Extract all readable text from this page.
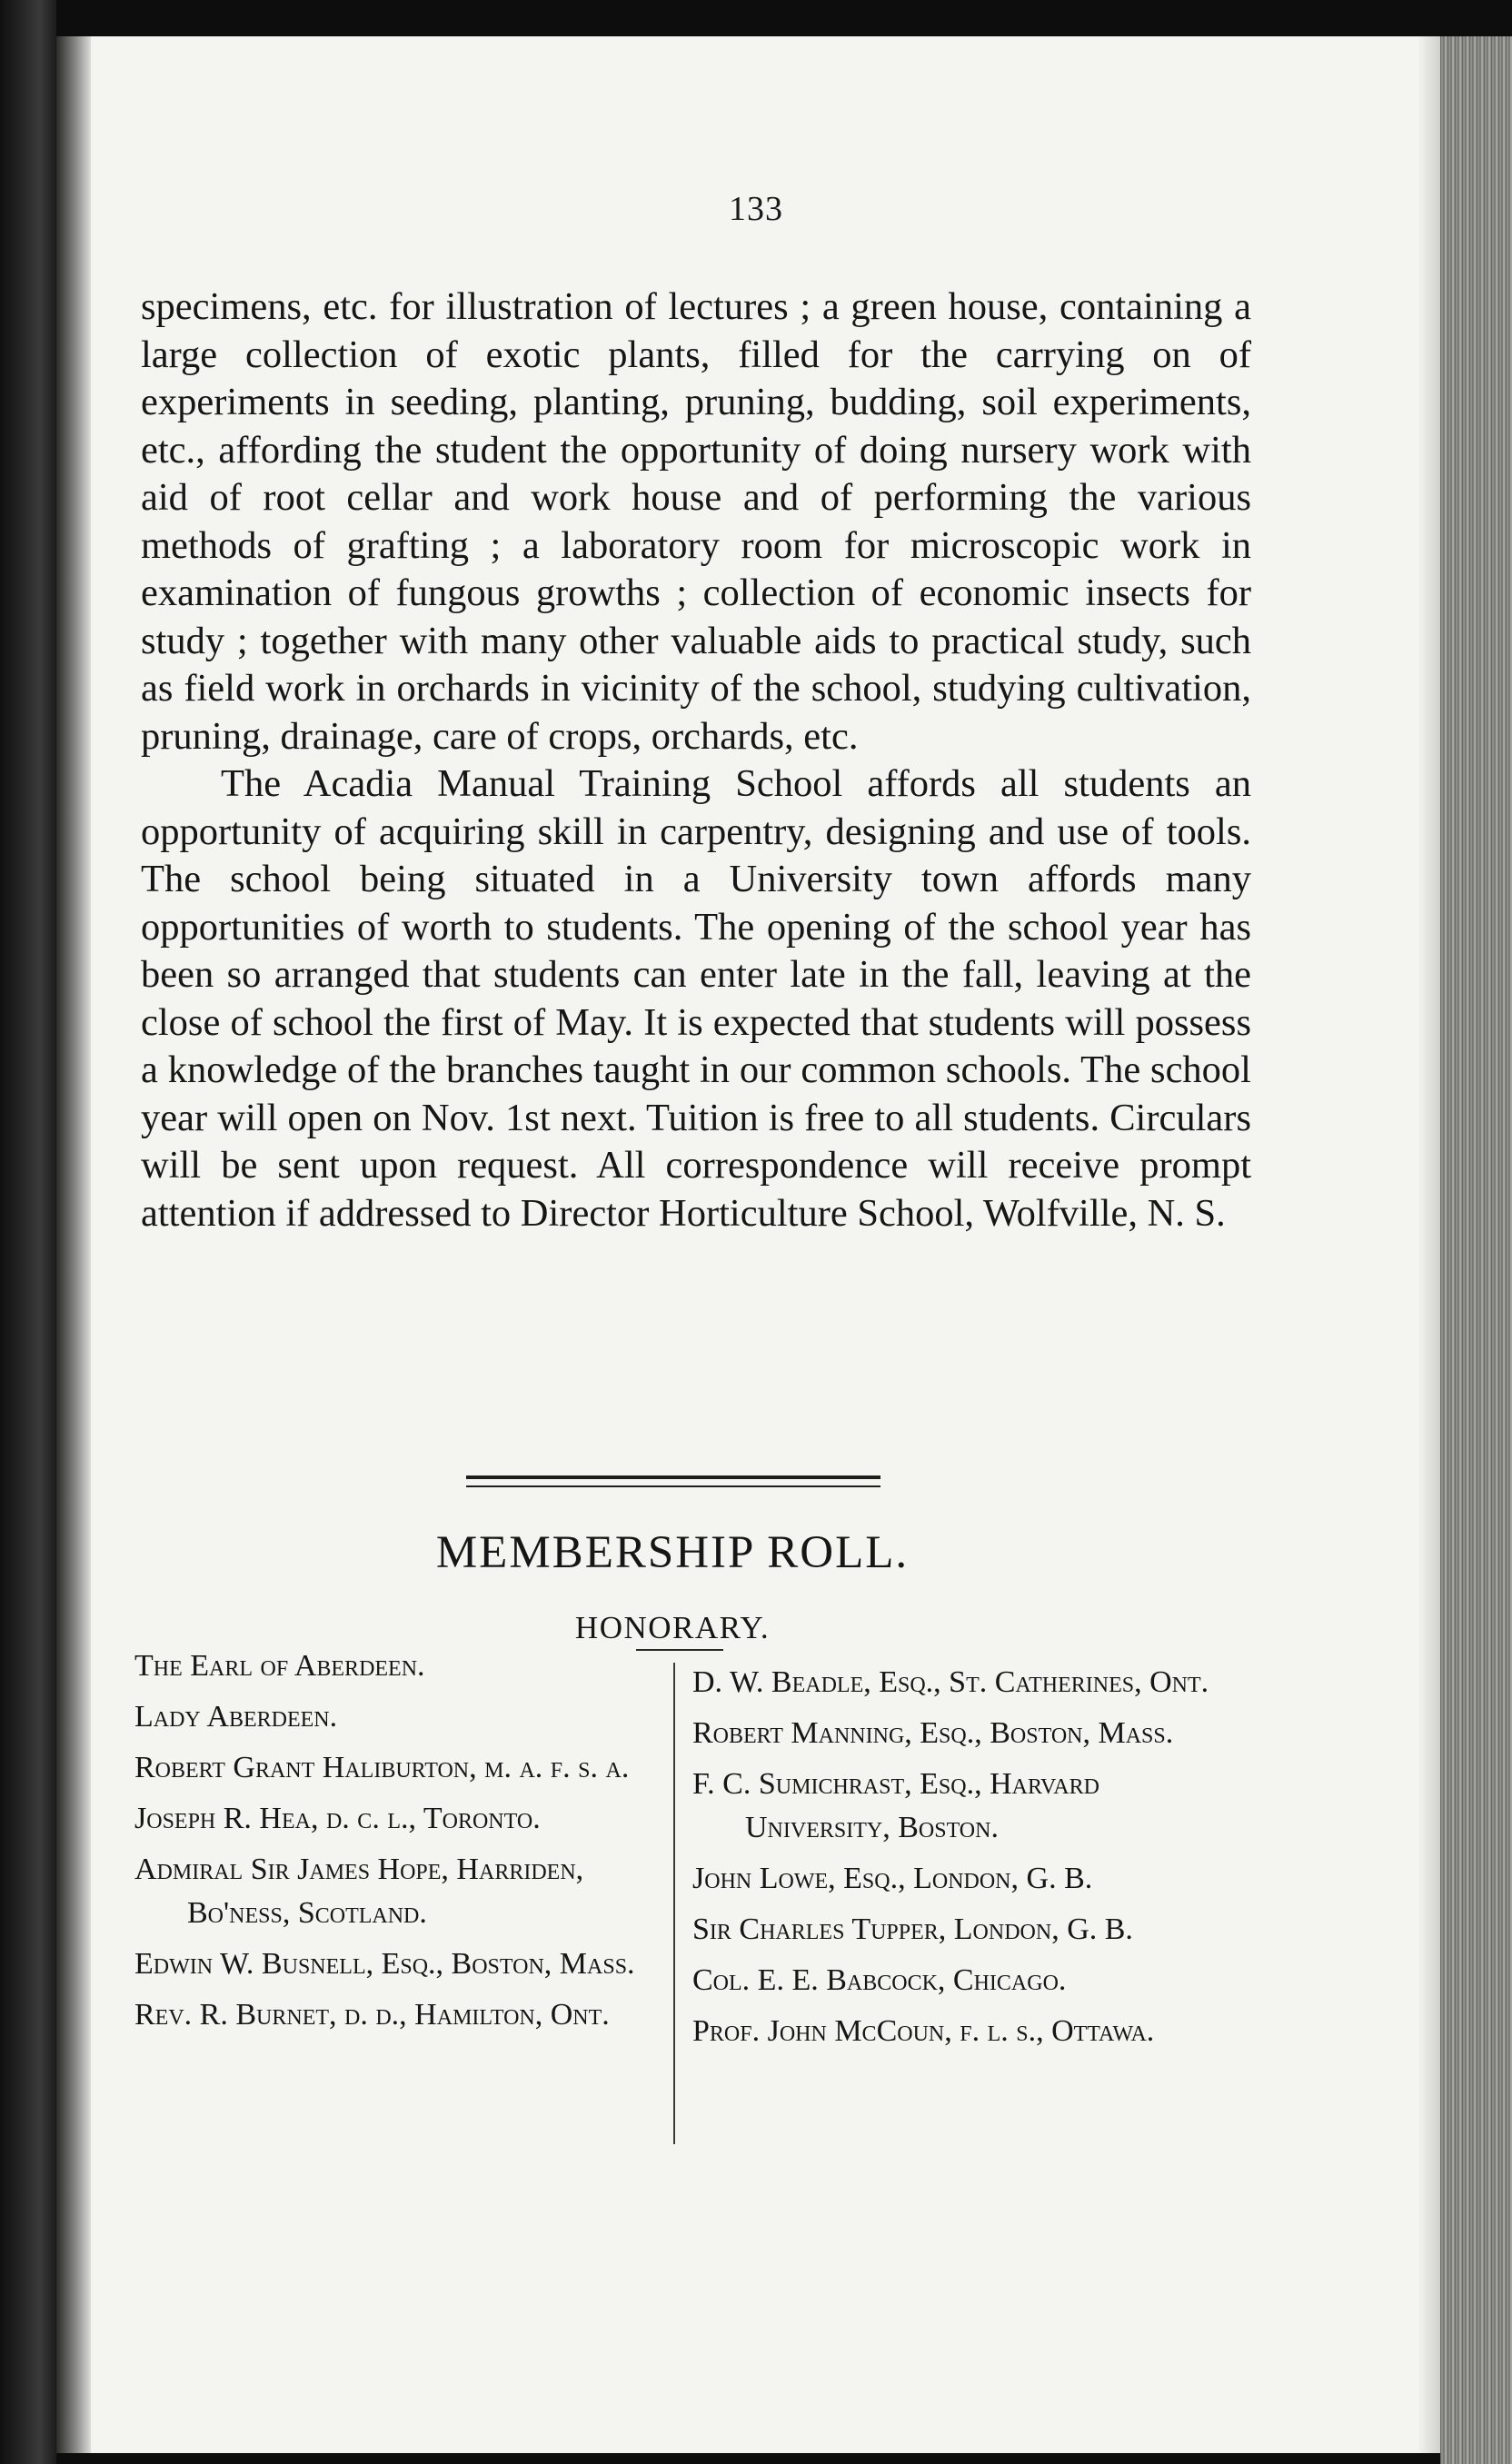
133

specimens, etc. for illustration of lectures ; a green house, containing a large collection of exotic plants, filled for the carrying on of experiments in seeding, planting, pruning, budding, soil experiments, etc., affording the student the opportunity of doing nursery work with aid of root cellar and work house and of performing the various methods of grafting ; a laboratory room for microscopic work in examination of fungous growths ; collection of economic insects for study ; together with many other valuable aids to practical study, such as field work in orchards in vicinity of the school, studying cultivation, pruning, drainage, care of crops, orchards, etc.

The Acadia Manual Training School affords all students an opportunity of acquiring skill in carpentry, designing and use of tools. The school being situated in a University town affords many opportunities of worth to students. The opening of the school year has been so arranged that students can enter late in the fall, leaving at the close of school the first of May. It is expected that students will possess a knowledge of the branches taught in our common schools. The school year will open on Nov. 1st next. Tuition is free to all students. Circulars will be sent upon request. All correspondence will receive prompt attention if addressed to Director Horticulture School, Wolfville, N. S.

MEMBERSHIP ROLL.
HONORARY.

The Earl of Aberdeen.

Lady Aberdeen.

Robert Grant Haliburton, m. a. f. s. a.

Joseph R. Hea, d. c. l., Toronto.

Admiral Sir James Hope, Harriden, Bo'ness, Scotland.

Edwin W. Busnell, Esq., Boston, Mass.

Rev. R. Burnet, d. d., Hamilton, Ont.

D. W. Beadle, Esq., St. Catherines, Ont.

Robert Manning, Esq., Boston, Mass.

F. C. Sumichrast, Esq., Harvard University, Boston.

John Lowe, Esq., London, G. B.

Sir Charles Tupper, London, G. B.

Col. E. E. Babcock, Chicago.

Prof. John McCoun, f. l. s., Ottawa.
